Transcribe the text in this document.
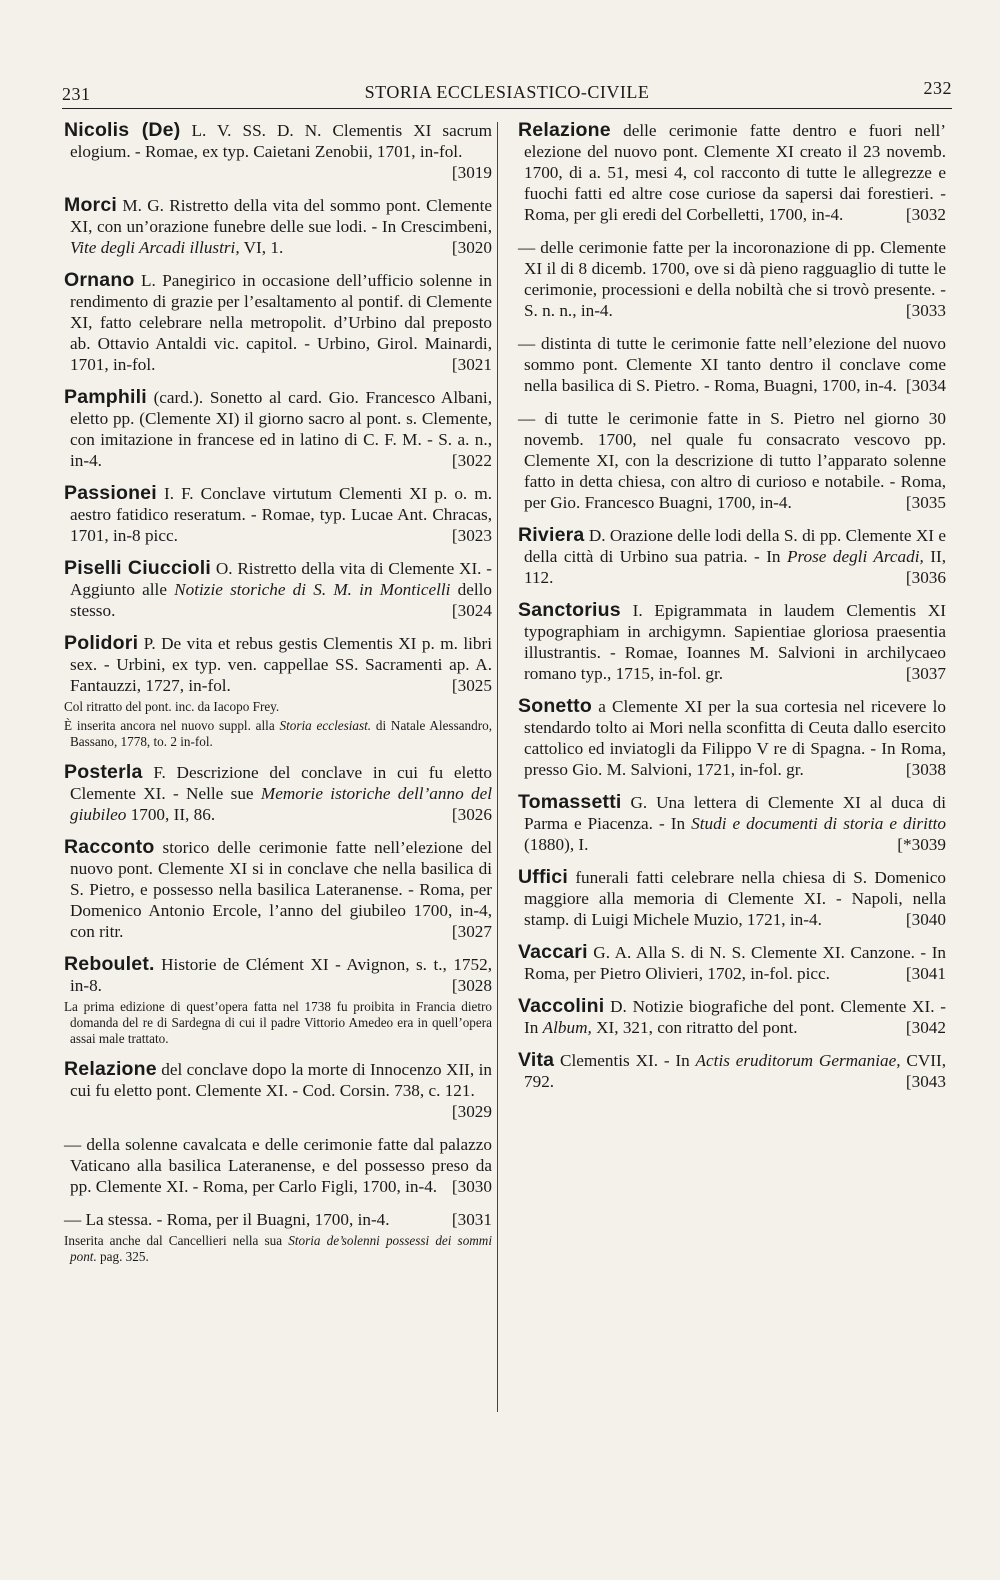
231	STORIA ECCLESIASTICO-CIVILE	232
Nicolis (De) L. V. SS. D. N. Clementis XI sacrum elogium. - Romae, ex typ. Caietani Zenobii, 1701, in-fol.
[3019
Morci M. G. Ristretto della vita del sommo pont. Clemente XI, con un’orazione funebre delle sue lodi. - In Crescimbeni, Vite degli Arcadi illustri, VI, 1.	[3020
Ornano L. Panegirico in occasione dell’ufficio solenne in rendimento di grazie per l’esaltamento al pontif. di Clemente XI, fatto celebrare nella metropolit. d’Urbino dal preposto ab. Ottavio Antaldi vic. capitol. - Urbino, Girol. Mainardi, 1701, in-fol.	[3021
Pamphili (card.). Sonetto al card. Gio. Francesco Albani, eletto pp. (Clemente XI) il giorno sacro al pont. s. Clemente, con imitazione in francese ed in latino di C. F. M. - S. a. n., in-4.	[3022
Passionei I. F. Conclave virtutum Clementi XI p. o. m. aestro fatidico reseratum. - Romae, typ. Lucae Ant. Chracas, 1701, in-8 picc.	[3023
Piselli Ciuccioli O. Ristretto della vita di Clemente XI. - Aggiunto alle Notizie storiche di S. M. in Monticelli dello stesso.	[3024
Polidori P. De vita et rebus gestis Clementis XI p. m. libri sex. - Urbini, ex typ. ven. cappellae SS. Sacramenti ap. A. Fantauzzi, 1727, in-fol.	[3025
Col ritratto del pont. inc. da Iacopo Frey.
È inserita ancora nel nuovo suppl. alla Storia ecclesiast. di Natale Alessandro, Bassano, 1778, to. 2 in-fol.
Posterla F. Descrizione del conclave in cui fu eletto Clemente XI. - Nelle sue Memorie istoriche dell’anno del giubileo 1700, II, 86.	[3026
Racconto storico delle cerimonie fatte nell’elezione del nuovo pont. Clemente XI si in conclave che nella basilica di S. Pietro, e possesso nella basilica Lateranense. - Roma, per Domenico Antonio Ercole, l’anno del giubileo 1700, in-4, con ritr.	[3027
Reboulet. Historie de Clément XI - Avignon, s. t., 1752, in-8.	[3028
La prima edizione di quest’opera fatta nel 1738 fu proibita in Francia dietro domanda del re di Sardegna di cui il padre Vittorio Amedeo era in quell’opera assai male trattato.
Relazione del conclave dopo la morte di Innocenzo XII, in cui fu eletto pont. Clemente XI. - Cod. Corsin. 738, c. 121.
[3029
— della solenne cavalcata e delle cerimonie fatte dal palazzo Vaticano alla basilica Lateranense, e del possesso preso da pp. Clemente XI. - Roma, per Carlo Figli, 1700, in-4. [3030
— La stessa. - Roma, per il Buagni, 1700, in-4.	[3031
Inserita anche dal Cancellieri nella sua Storia de’solenni possessi dei sommi pont. pag. 325.
Relazione delle cerimonie fatte dentro e fuori nell’ elezione del nuovo pont. Clemente XI creato il 23 novemb. 1700, di a. 51, mesi 4, col racconto di tutte le allegrezze e fuochi fatti ed altre cose curiose da sapersi dai forestieri. - Roma, per gli eredi del Corbelletti, 1700, in-4.	[3032
— delle cerimonie fatte per la incoronazione di pp. Clemente XI il di 8 dicemb. 1700, ove si dà pieno ragguaglio di tutte le cerimonie, processioni e della nobiltà che si trovò presente. - S. n. n., in-4.	[3033
— distinta di tutte le cerimonie fatte nell’elezione del nuovo sommo pont. Clemente XI tanto dentro il conclave come nella basilica di S. Pietro. - Roma, Buagni, 1700, in-4. [3034
— di tutte le cerimonie fatte in S. Pietro nel giorno 30 novemb. 1700, nel quale fu consacrato vescovo pp. Clemente XI, con la descrizione di tutto l’apparato solenne fatto in detta chiesa, con altro di curioso e notabile. - Roma, per Gio. Francesco Buagni, 1700, in-4.	[3035
Riviera D. Orazione delle lodi della S. di pp. Clemente XI e della città di Urbino sua patria. - In Prose degli Arcadi, II, 112.	[3036
Sanctorius I. Epigrammata in laudem Clementis XI typographiam in archigymn. Sapientiae gloriosa praesentia illustrantis. - Romae, Ioannes M. Salvioni in archilycaeo romano typ., 1715, in-fol. gr.	[3037
Sonetto a Clemente XI per la sua cortesia nel ricevere lo stendardo tolto ai Mori nella sconfitta di Ceuta dallo esercito cattolico ed inviatogli da Filippo V re di Spagna. - In Roma, presso Gio. M. Salvioni, 1721, in-fol. gr.	[3038
Tomassetti G. Una lettera di Clemente XI al duca di Parma e Piacenza. - In Studi e documenti di storia e diritto (1880), I.	[*3039
Uffici funerali fatti celebrare nella chiesa di S. Domenico maggiore alla memoria di Clemente XI. - Napoli, nella stamp. di Luigi Michele Muzio, 1721, in-4.	[3040
Vaccari G. A. Alla S. di N. S. Clemente XI. Canzone. - In Roma, per Pietro Olivieri, 1702, in-fol. picc.	[3041
Vaccolini D. Notizie biografiche del pont. Clemente XI. - In Album, XI, 321, con ritratto del pont.	[3042
Vita Clementis XI. - In Actis eruditorum Germaniae, CVII, 792.	[3043
